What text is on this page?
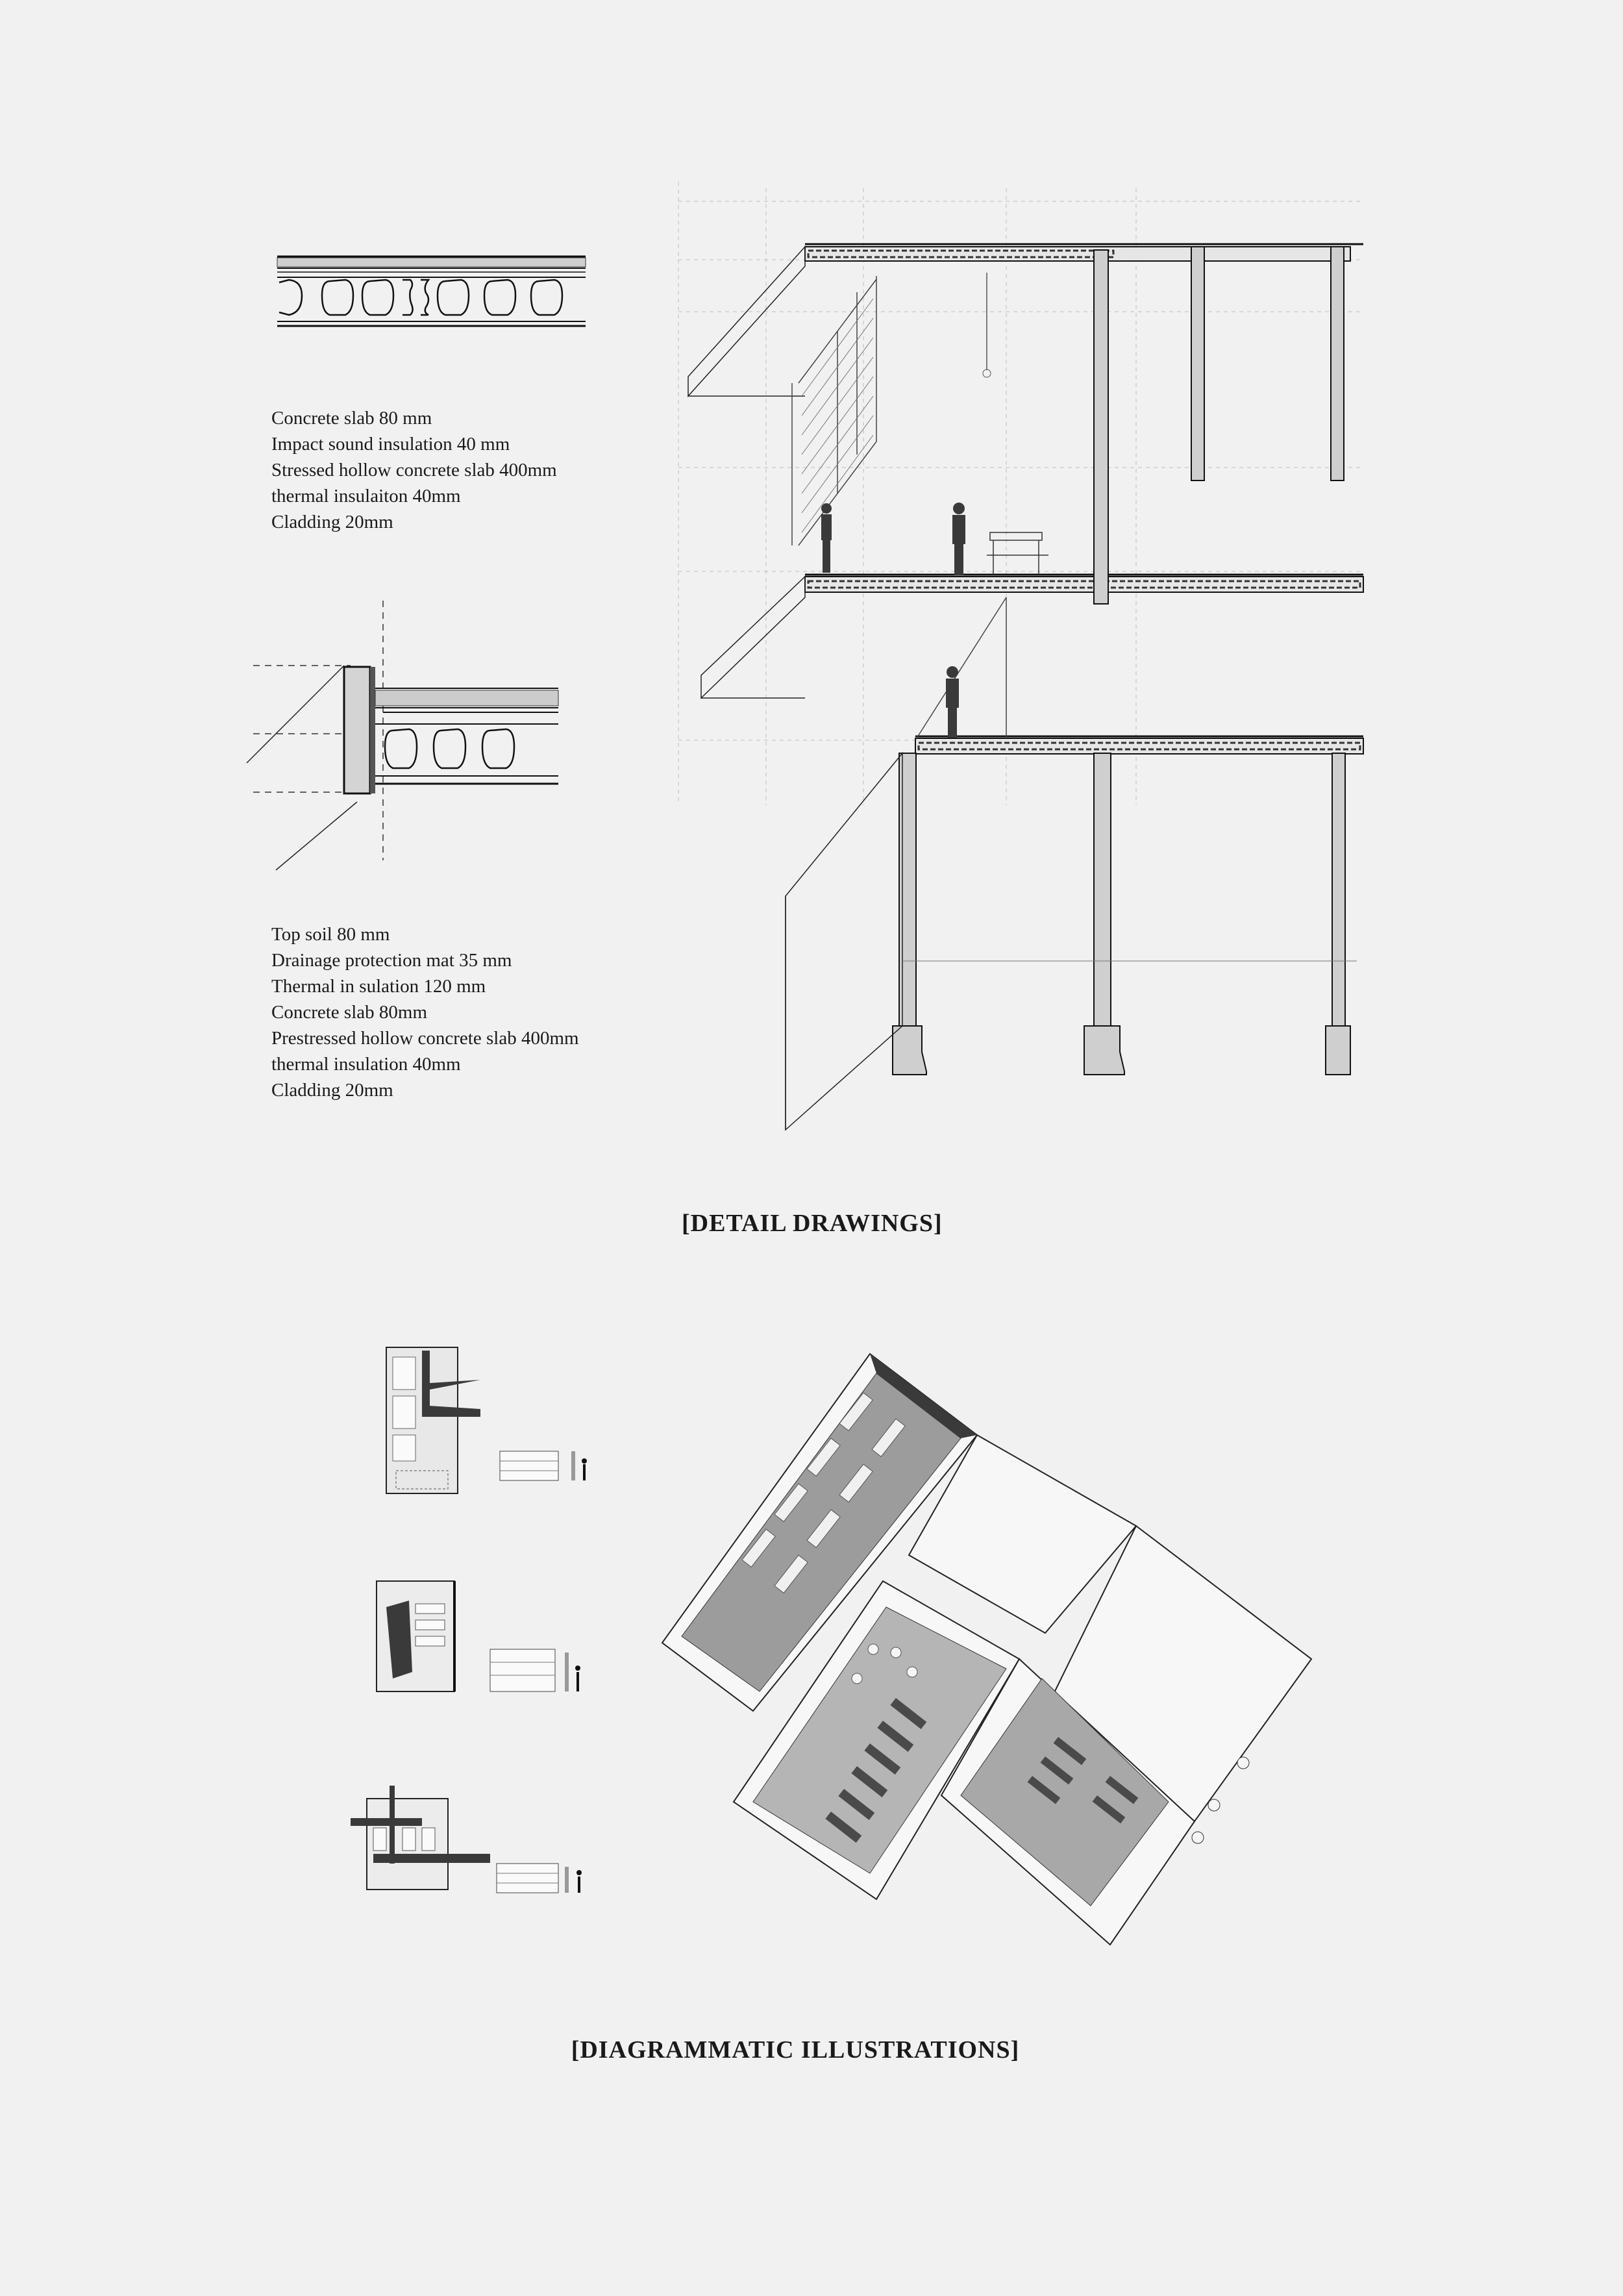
Concrete slab 80 mm
Impact sound insulation 40 mm
Stressed hollow concrete slab 400mm
thermal insulaiton 40mm
Cladding 20mm
Top soil 80 mm
Drainage protection mat 35 mm
Thermal in sulation 120 mm
Concrete slab 80mm
Prestressed hollow concrete slab 400mm
thermal insulation 40mm
Cladding 20mm
[DETAIL DRAWINGS]
[DIAGRAMMATIC ILLUSTRATIONS]
